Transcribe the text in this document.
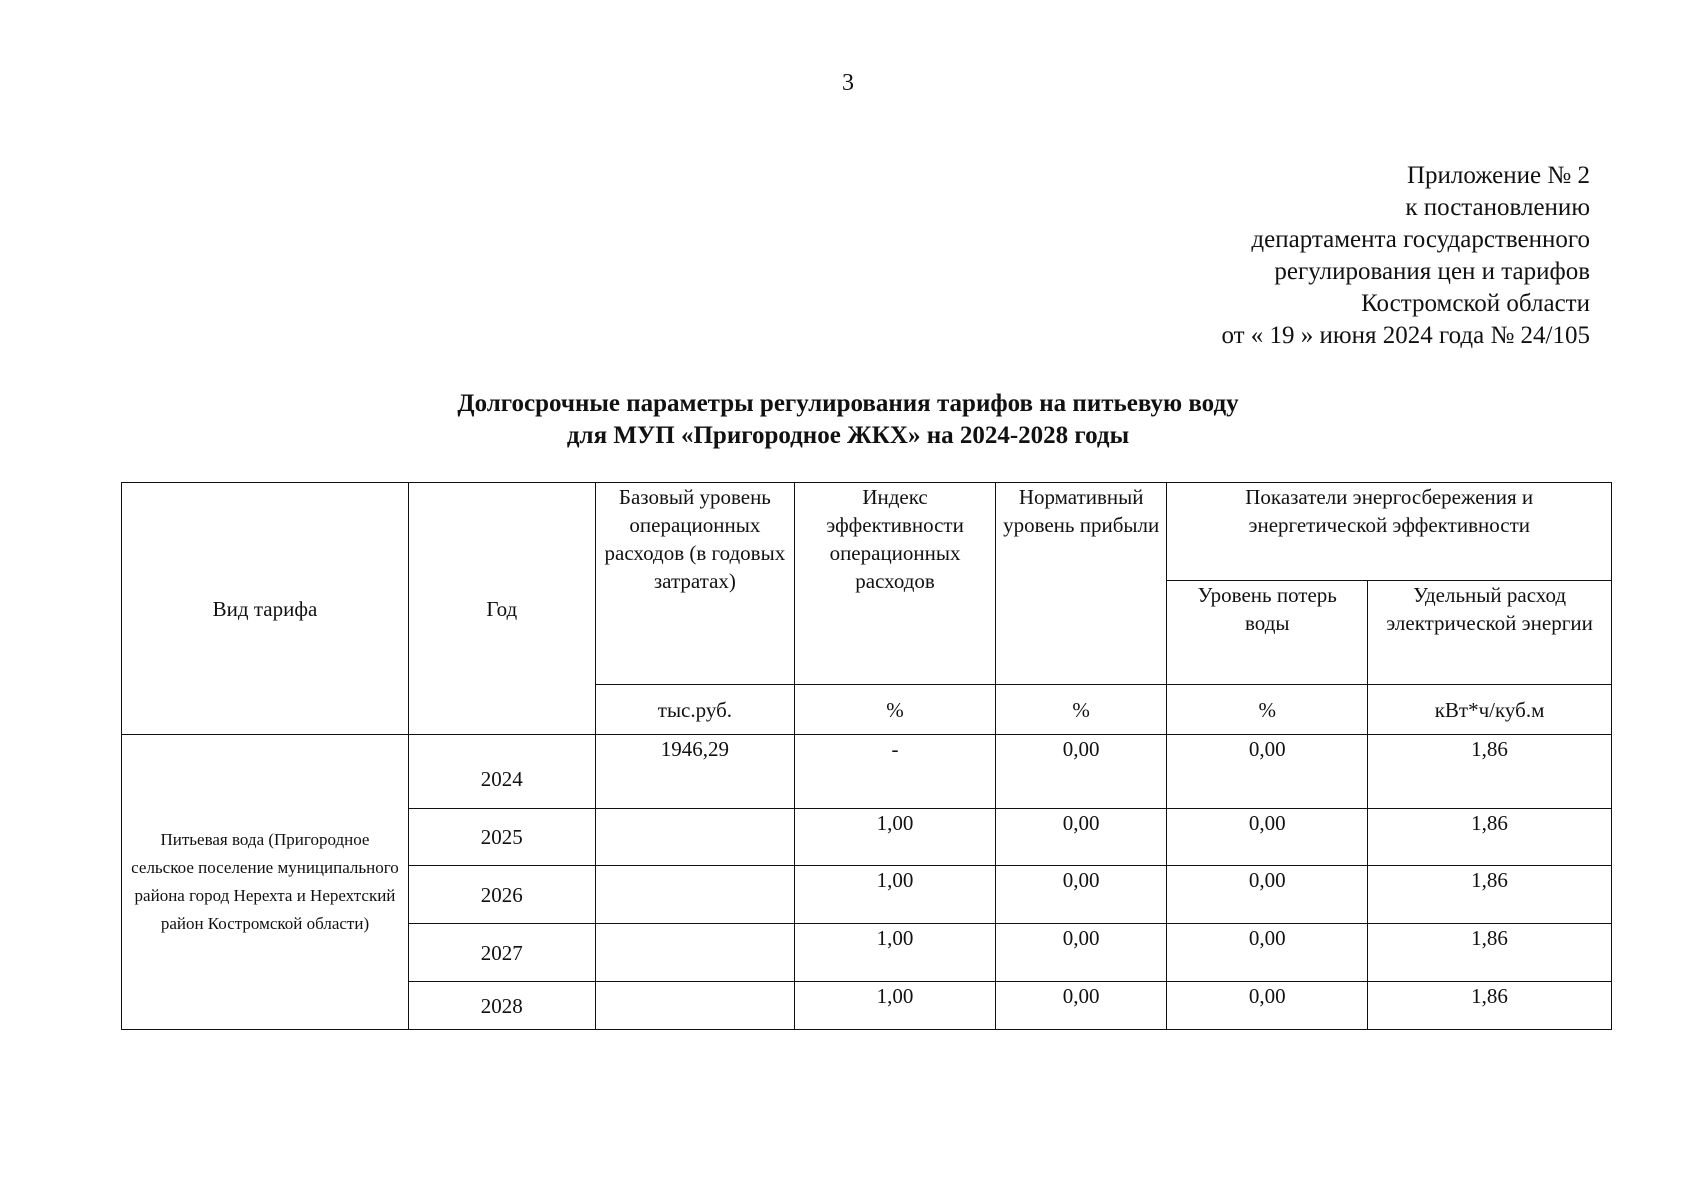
3
Приложение № 2
к постановлению
департамента государственного
регулирования цен и тарифов
Костромской области
от « 19 » июня 2024 года № 24/105
Долгосрочные параметры регулирования тарифов на питьевую воду
для МУП «Пригородное ЖКХ» на 2024-2028 годы
Вид тарифа	Год	Базовый уровень операционных расходов (в годовых затратах)	Индекс эффективности операционных расходов	Нормативный уровень прибыли	Показатели энергосбережения и энергетической эффективности	
					Уровень потерь воды	Удельный расход электрической энергии
		тыс.руб.	%	%	%	кВт*ч/куб.м
Питьевая вода (Пригородное сельское поселение муниципального района город Нерехта и Нерехтский район Костромской области)	2024	1946,29	-	0,00	0,00	1,86
	2025		1,00	0,00	0,00	1,86
	2026		1,00	0,00	0,00	1,86
	2027		1,00	0,00	0,00	1,86
	2028		1,00	0,00	0,00	1,86
